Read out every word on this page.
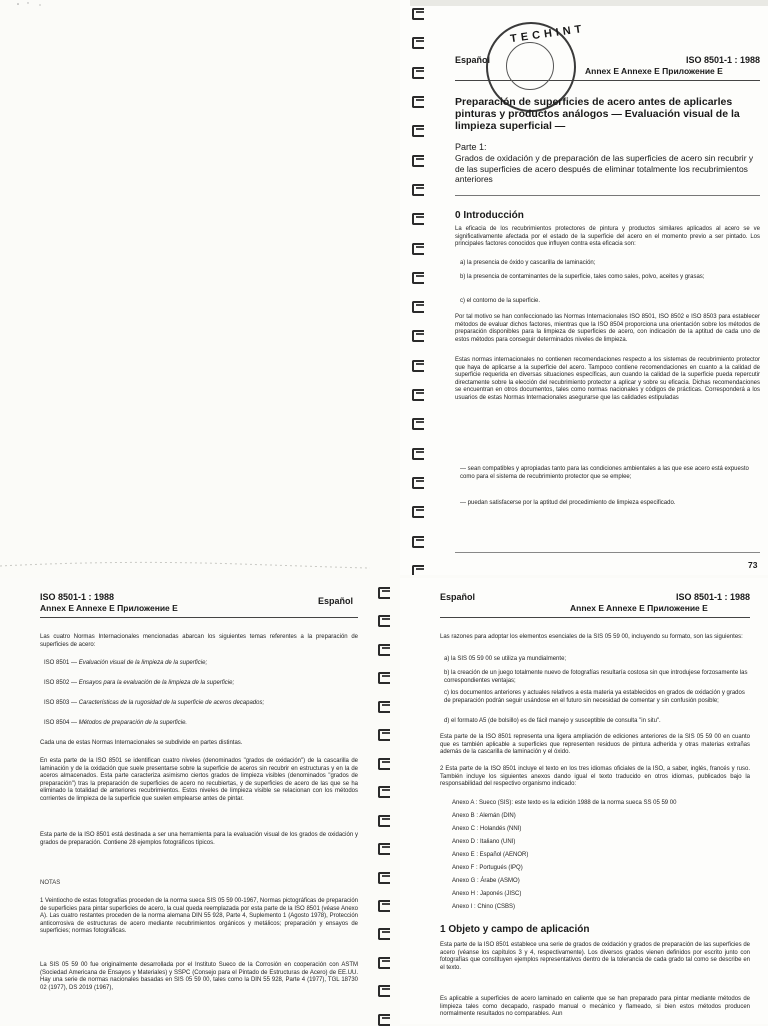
Español	ISO 8501-1 : 1988
Annex E Annexe E Приложение E
TECHINT
Preparación de superficies de acero antes de aplicarles pinturas y productos análogos — Evaluación visual de la limpieza superficial —
Parte 1:
Grados de oxidación y de preparación de las superficies de acero sin recubrir y de las superficies de acero después de eliminar totalmente los recubrimientos anteriores
0 Introducción
La eficacia de los recubrimientos protectores de pintura y productos similares aplicados al acero se ve significativamente afectada por el estado de la superficie del acero en el momento previo a ser pintado. Los principales factores conocidos que influyen contra esta eficacia son:
a) la presencia de óxido y cascarilla de laminación;
b) la presencia de contaminantes de la superficie, tales como sales, polvo, aceites y grasas;
c) el contorno de la superficie.
Por tal motivo se han confeccionado las Normas Internacionales ISO 8501, ISO 8502 e ISO 8503 para establecer métodos de evaluar dichos factores, mientras que la ISO 8504 proporciona una orientación sobre los métodos de preparación disponibles para la limpieza de superficies de acero, con indicación de la aptitud de cada uno de estos métodos para conseguir determinados niveles de limpieza.
Estas normas internacionales no contienen recomendaciones respecto a los sistemas de recubrimiento protector que haya de aplicarse a la superficie del acero. Tampoco contiene recomendaciones en cuanto a la calidad de superficie requerida en diversas situaciones específicas, aun cuando la calidad de la superficie pueda repercutir directamente sobre la elección del recubrimiento protector a aplicar y sobre su eficacia. Dichas recomendaciones se encuentran en otros documentos, tales como normas nacionales y códigos de prácticas. Corresponderá a los usuarios de estas Normas Internacionales asegurarse que las calidades estipuladas
— sean compatibles y apropiadas tanto para las condiciones ambientales a las que ese acero está expuesto como para el sistema de recubrimiento protector que se emplee;
— puedan satisfacerse por la aptitud del procedimiento de limpieza especificado.
73
ISO 8501-1 : 1988
Annex E Annexe E Приложение E
Español
Las cuatro Normas Internacionales mencionadas abarcan los siguientes temas referentes a la preparación de superficies de acero:
ISO 8501 — Evaluación visual de la limpieza de la superficie;
ISO 8502 — Ensayos para la evaluación de la limpieza de la superficie;
ISO 8503 — Características de la rugosidad de la superficie de aceros decapados;
ISO 8504 — Métodos de preparación de la superficie.
Cada una de estas Normas Internacionales se subdivide en partes distintas.
En esta parte de la ISO 8501 se identifican cuatro niveles (denominados "grados de oxidación") de la cascarilla de laminación y de la oxidación que suele presentarse sobre la superficie de aceros sin recubrir en estructuras y en la de aceros almacenados. Esta parte caracteriza asimismo ciertos grados de limpieza visibles (denominados "grados de preparación") tras la preparación de superficies de acero no recubiertas, y de superficies de acero de las que se ha eliminado la totalidad de anteriores recubrimientos. Estos niveles de limpieza visible se relacionan con los métodos corrientes de limpieza de la superficie que suelen emplearse antes de pintar.
Esta parte de la ISO 8501 está destinada a ser una herramienta para la evaluación visual de los grados de oxidación y grados de preparación. Contiene 28 ejemplos fotográficos típicos.
NOTAS
1 Veintiocho de estas fotografías proceden de la norma sueca SIS 05 59 00-1967, Normas pictográficas de preparación de superficies para pintar superficies de acero, la cual queda reemplazada por esta parte de la ISO 8501 (véase Anexo A). Las cuatro restantes proceden de la norma alemana DIN 55 928, Parte 4, Suplemento 1 (Agosto 1978), Protección anticorrosiva de estructuras de acero mediante recubrimientos orgánicos y metálicos; preparación y ensayos de superficies; normas fotográficas.
La SIS 05 59 00 fue originalmente desarrollada por el Instituto Sueco de la Corrosión en cooperación con ASTM (Sociedad Americana de Ensayos y Materiales) y SSPC (Consejo para el Pintado de Estructuras de Acero) de EE.UU. Hay una serie de normas nacionales basadas en SIS 05 59 00, tales como la DIN 55 928, Parte 4 (1977), TGL 18730 02 (1977), DS 2019 (1967),
Español	ISO 8501-1 : 1988
Annex E Annexe E Приложение E
Las razones para adoptar los elementos esenciales de la SIS 05 59 00, incluyendo su formato, son las siguientes:
a) la SIS 05 59 00 se utiliza ya mundialmente;
b) la creación de un juego totalmente nuevo de fotografías resultaría costosa sin que introdujese forzosamente las correspondientes ventajas;
c) los documentos anteriores y actuales relativos a esta materia ya establecidos en grados de oxidación y grados de preparación podrán seguir usándose en el futuro sin necesidad de comentar y sin confusión posible;
d) el formato A5 (de bolsillo) es de fácil manejo y susceptible de consulta "in situ".
Esta parte de la ISO 8501 representa una ligera ampliación de ediciones anteriores de la SIS 05 59 00 en cuanto que es también aplicable a superficies que representen residuos de pintura adherida y otras materias extrañas además de la cascarilla de laminación y el óxido.
2 Esta parte de la ISO 8501 incluye el texto en los tres idiomas oficiales de la ISO, a saber, inglés, francés y ruso. También incluye los siguientes anexos dando igual el texto traducido en otros idiomas, publicados bajo la responsabilidad del respectivo organismo indicado:
Anexo A : Sueco (SIS): este texto es la edición 1988 de la norma sueca SS 05 59 00
Anexo B : Alemán (DIN)
Anexo C : Holandés (NNI)
Anexo D : Italiano (UNI)
Anexo E : Español (AENOR)
Anexo F : Portugués (IPQ)
Anexo G : Árabe (ASMO)
Anexo H : Japonés (JISC)
Anexo I : Chino (CSBS)
1 Objeto y campo de aplicación
Esta parte de la ISO 8501 establece una serie de grados de oxidación y grados de preparación de las superficies de acero (véanse los capítulos 3 y 4, respectivamente). Los diversos grados vienen definidos por escrito junto con fotografías que constituyen ejemplos representativos dentro de la tolerancia de cada grado tal como se describe en el texto.
Es aplicable a superficies de acero laminado en caliente que se han preparado para pintar mediante métodos de limpieza tales como decapado, raspado manual o mecánico y flameado, si bien estos métodos producen normalmente resultados no comparables. Aun
